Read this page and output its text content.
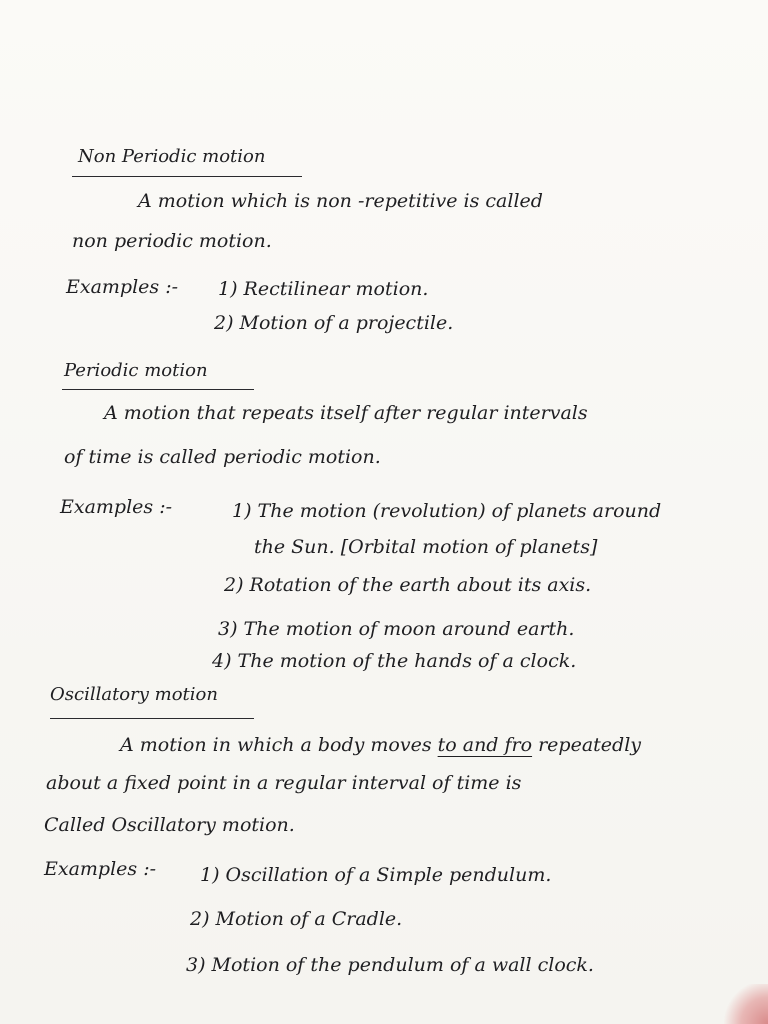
Non Periodic motion
A motion which is non -repetitive is called
non periodic motion.
Examples :- 1) Rectilinear motion.
2) Motion of a projectile.
Periodic motion
A motion that repeats itself after regular intervals
of time is called periodic motion.
Examples :-	1) The motion (revolution) of planets around
the Sun. [Orbital motion of planets]
2) Rotation of the earth about its axis.
3) The motion of moon around earth.
4) The motion of the hands of a clock.
Oscillatory motion
A motion in which a body moves to and fro repeatedly
about a fixed point in a regular interval of time is
Called Oscillatory motion.
Examples :- 1) Oscillation of a Simple pendulum.
2) Motion of a Cradle.
3) Motion of the pendulum of a wall clock.
